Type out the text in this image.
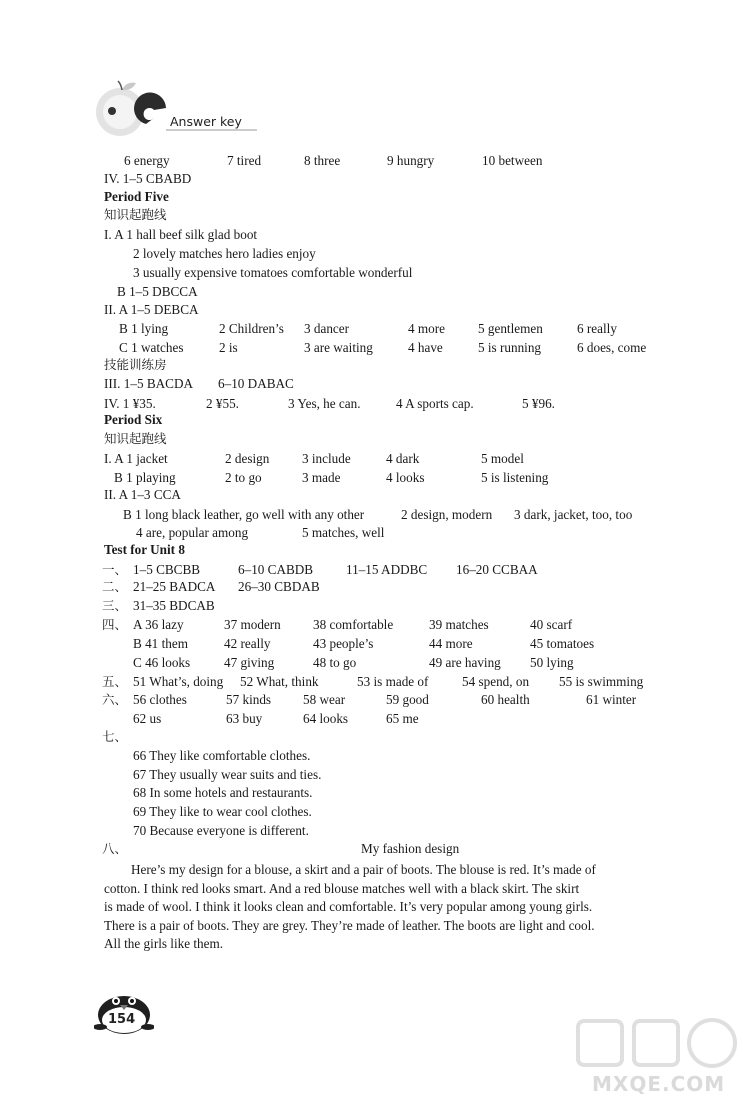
Answer key
6 energy	7 tired	8 three	9 hungry	10 between
IV. 1–5 CBABD
Period Five
知识起跑线
I. A 1 hall beef silk glad boot
2 lovely matches hero ladies enjoy
3 usually expensive tomatoes comfortable wonderful
B 1–5 DBCCA
II. A 1–5 DEBCA
B 1 lying	2 Children’s 3 dancer	4 more	5 gentlemen	6 really
C 1 watches	2 is	3 are waiting	4 have	5 is running	6 does, come
技能训练房
III. 1–5 BACDA 6–10 DABAC
IV. 1 ¥35.	2 ¥55.	3 Yes, he can.	4 A sports cap.	5 ¥96.
Period Six
知识起跑线
I. A 1 jacket	2 design 3 include	4 dark	5 model
B 1 playing	2 to go	3 made	4 looks	5 is listening
II. A 1–3 CCA
B 1 long black leather, go well with any other	2 design, modern 3 dark, jacket, too, too
4 are, popular among	5 matches, well
Test for Unit 8
一、 1–5 CBCBB	6–10 CABDB 11–15 ADDBC 16–20 CCBAA
二、 21–25 BADCA 26–30 CBDAB
三、 31–35 BDCAB
四、 A 36 lazy	37 modern 38 comfortable	39 matches	40 scarf
B 41 them	42 really	43 people’s	44 more	45 tomatoes
C 46 looks	47 giving	48 to go	49 are having 50 lying
五、 51 What’s, doing 52 What, think	53 is made of	54 spend, on 55 is swimming
六、 56 clothes	57 kinds 58 wear	59 good	60 health	61 winter
62 us	63 buy	64 looks	65 me
七、
66 They like comfortable clothes.
67 They usually wear suits and ties.
68 In some hotels and restaurants.
69 They like to wear cool clothes.
70 Because everyone is different.
八、	My fashion design
Here’s my design for a blouse, a skirt and a pair of boots. The blouse is red. It’s made of
cotton. I think red looks smart. And a red blouse matches well with a black skirt. The skirt
is made of wool. I think it looks clean and comfortable. It’s very popular among young girls.
There is a pair of boots. They are grey. They’re made of leather. The boots are light and cool.
All the girls like them.
154
MXQE.COM
